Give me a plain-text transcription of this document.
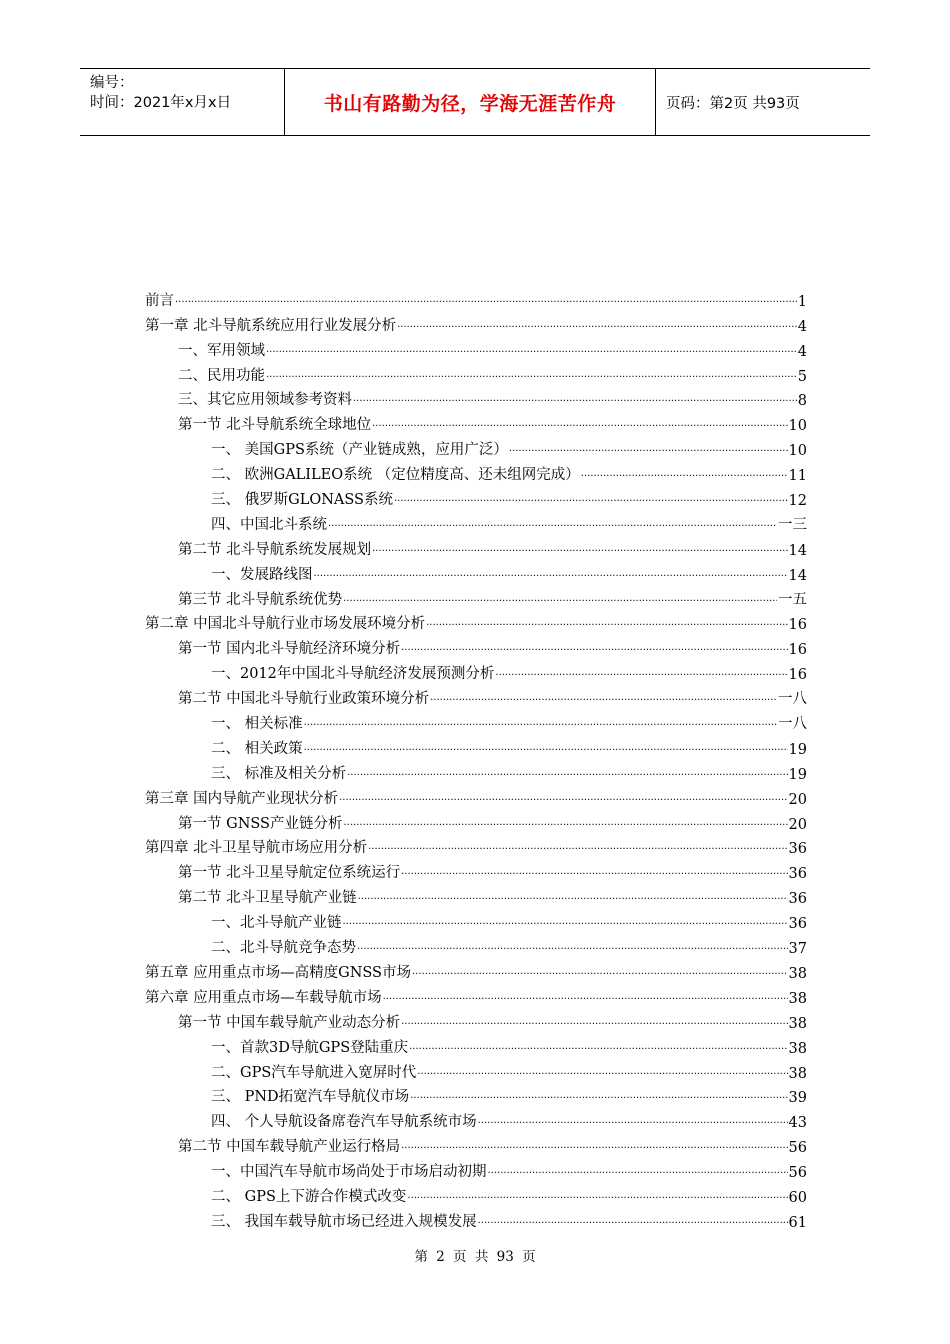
编号：
时间：2021年x月x日	书山有路勤为径，学海无涯苦作舟	页码：第2页 共93页
前言 .....	1
第一章 北斗导航系统应用行业发展分析 .....	4
一、军用领域 .....	4
二、民用功能 .....	5
三、其它应用领域参考资料 .....	8
第一节 北斗导航系统全球地位 .....	10
一、 美国GPS系统（产业链成熟，应用广泛） .....	10
二、 欧洲GALILEO系统 （定位精度高、还未组网完成） .....	11
三、 俄罗斯GLONASS系统 .....	12
四、中国北斗系统 .....	一三
第二节 北斗导航系统发展规划 .....	14
一、发展路线图 .....	14
第三节 北斗导航系统优势 .....	一五
第二章 中国北斗导航行业市场发展环境分析 .....	16
第一节 国内北斗导航经济环境分析 .....	16
一、2012年中国北斗导航经济发展预测分析 .....	16
第二节 中国北斗导航行业政策环境分析 .....	一八
一、 相关标准 .....	一八
二、 相关政策 .....	19
三、 标准及相关分析 .....	19
第三章 国内导航产业现状分析 .....	20
第一节 GNSS产业链分析 .....	20
第四章 北斗卫星导航市场应用分析 .....	36
第一节 北斗卫星导航定位系统运行 .....	36
第二节 北斗卫星导航产业链 .....	36
一、北斗导航产业链 .....	36
二、北斗导航竞争态势 .....	37
第五章 应用重点市场—高精度GNSS市场 .....	38
第六章 应用重点市场—车载导航市场 .....	38
第一节 中国车载导航产业动态分析 .....	38
一、首款3D导航GPS登陆重庆 .....	38
二、GPS汽车导航进入宽屏时代 .....	38
三、 PND拓宽汽车导航仪市场 .....	39
四、 个人导航设备席卷汽车导航系统市场 .....	43
第二节 中国车载导航产业运行格局 .....	56
一、中国汽车导航市场尚处于市场启动初期 .....	56
二、 GPS上下游合作模式改变 .....	60
三、 我国车载导航市场已经进入规模发展 .....	61
第 2 页 共 93 页
